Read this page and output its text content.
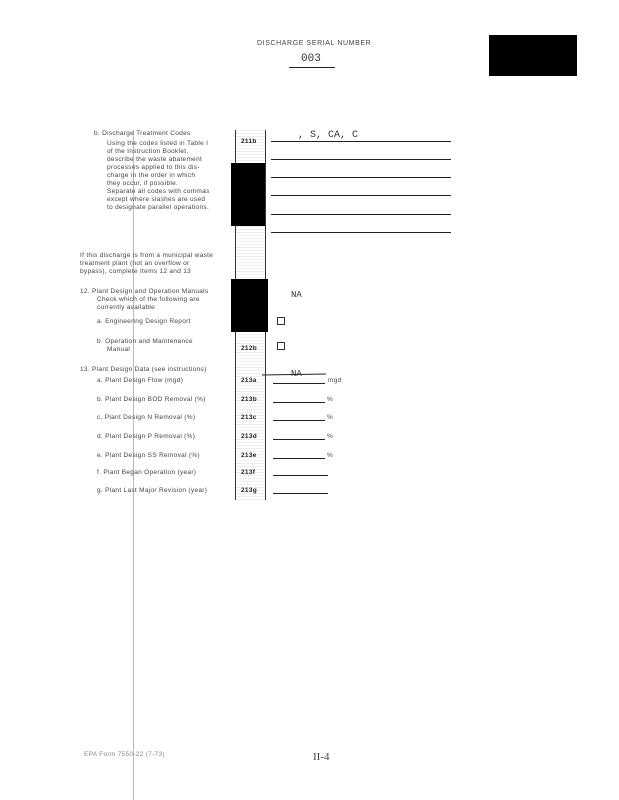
DISCHARGE SERIAL NUMBER
003
b. Discharge Treatment Codes
Using the codes listed in Table I
of the Instruction Booklet,
describe the waste abatement
processes applied to this dis-
charge in the order in which
they occur, if possible.
Separate all codes with commas
except where slashes are used
to designate parallel operations.
211b
, S, CA, C
If this discharge is from a municipal waste
treatment plant (not an overflow or
bypass), complete Items 12 and 13
12. Plant Design and Operation Manuals
Check which of the following are
currently available
NA
a. Engineering Design Report
b. Operation and Maintenance
Manual	212b
13. Plant Design Data (see instructions)	NA
a. Plant Design Flow (mgd)	213a	mgd
b. Plant Design BOD Removal (%)	213b	%
c. Plant Design N Removal (%)	213c	%
d. Plant Design P Removal (%)	213d	%
e. Plant Design SS Removal (%)	213e	%
f. Plant Began Operation (year)	213f
g. Plant Last Major Revision (year)	213g
EPA Form 7550-22 (7-73)	II-4
